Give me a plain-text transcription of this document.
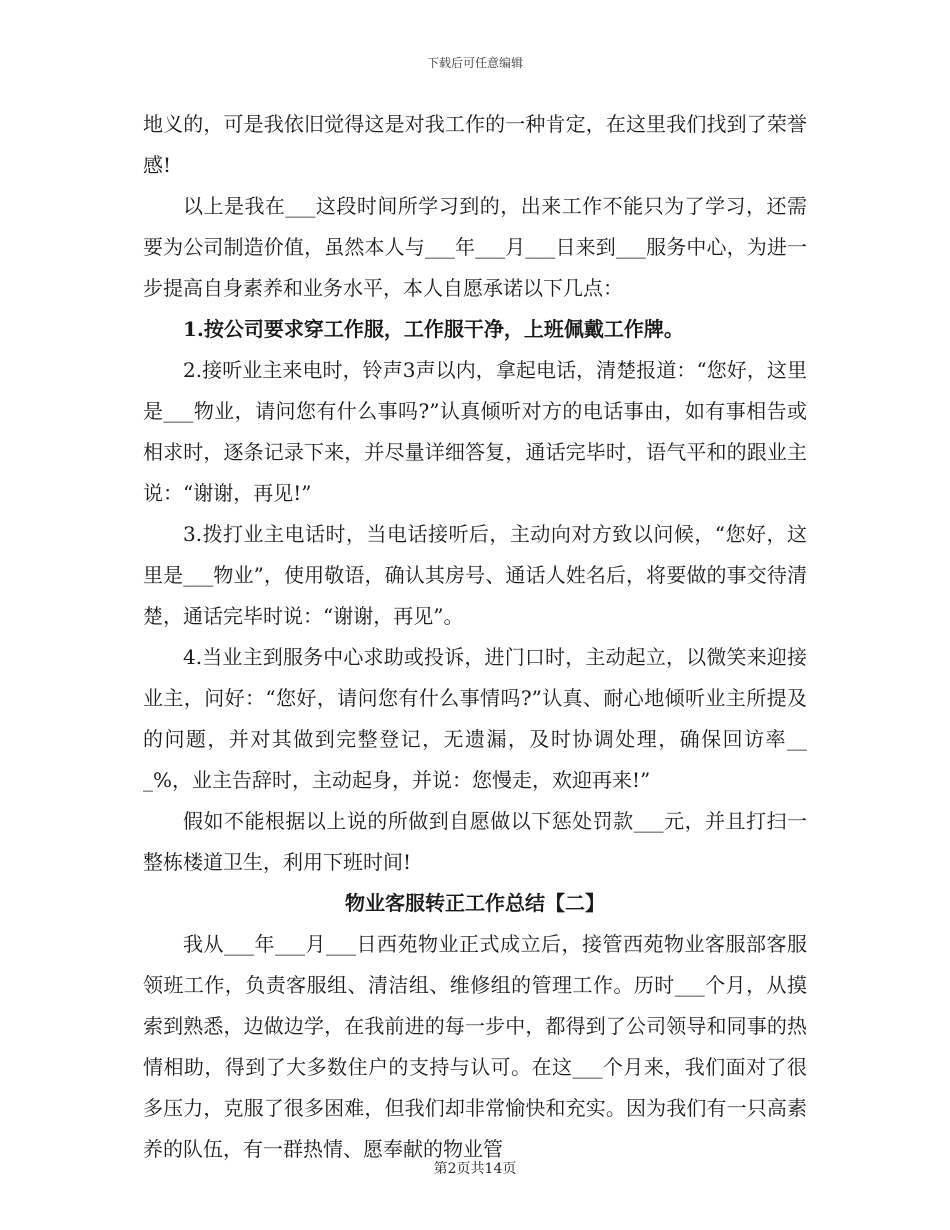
下载后可任意编辑

地义的，可是我依旧觉得这是对我工作的一种肯定，在这里我们找到了荣誉感!

以上是我在___这段时间所学习到的，出来工作不能只为了学习，还需要为公司制造价值，虽然本人与___年___月___日来到___服务中心，为进一步提高自身素养和业务水平，本人自愿承诺以下几点：

1.按公司要求穿工作服，工作服干净，上班佩戴工作牌。

2.接听业主来电时，铃声3声以内，拿起电话，清楚报道：“您好，这里是___物业，请问您有什么事吗?”认真倾听对方的电话事由，如有事相告或相求时，逐条记录下来，并尽量详细答复，通话完毕时，语气平和的跟业主说：“谢谢，再见!”

3.拨打业主电话时，当电话接听后，主动向对方致以问候，“您好，这里是___物业”，使用敬语，确认其房号、通话人姓名后，将要做的事交待清楚，通话完毕时说：“谢谢，再见”。

4.当业主到服务中心求助或投诉，进门口时，主动起立，以微笑来迎接业主，问好：“您好，请问您有什么事情吗?”认真、耐心地倾听业主所提及的问题，并对其做到完整登记，无遗漏，及时协调处理，确保回访率___%，业主告辞时，主动起身，并说：您慢走，欢迎再来!”

假如不能根据以上说的所做到自愿做以下惩处罚款___元，并且打扫一整栋楼道卫生，利用下班时间!

物业客服转正工作总结【二】

我从___年___月___日西苑物业正式成立后，接管西苑物业客服部客服领班工作，负责客服组、清洁组、维修组的管理工作。历时___个月，从摸索到熟悉，边做边学，在我前进的每一步中，都得到了公司领导和同事的热情相助，得到了大多数住户的支持与认可。在这___个月来，我们面对了很多压力，克服了很多困难，但我们却非常愉快和充实。因为我们有一只高素养的队伍，有一群热情、愿奉献的物业管

第2页共14页
